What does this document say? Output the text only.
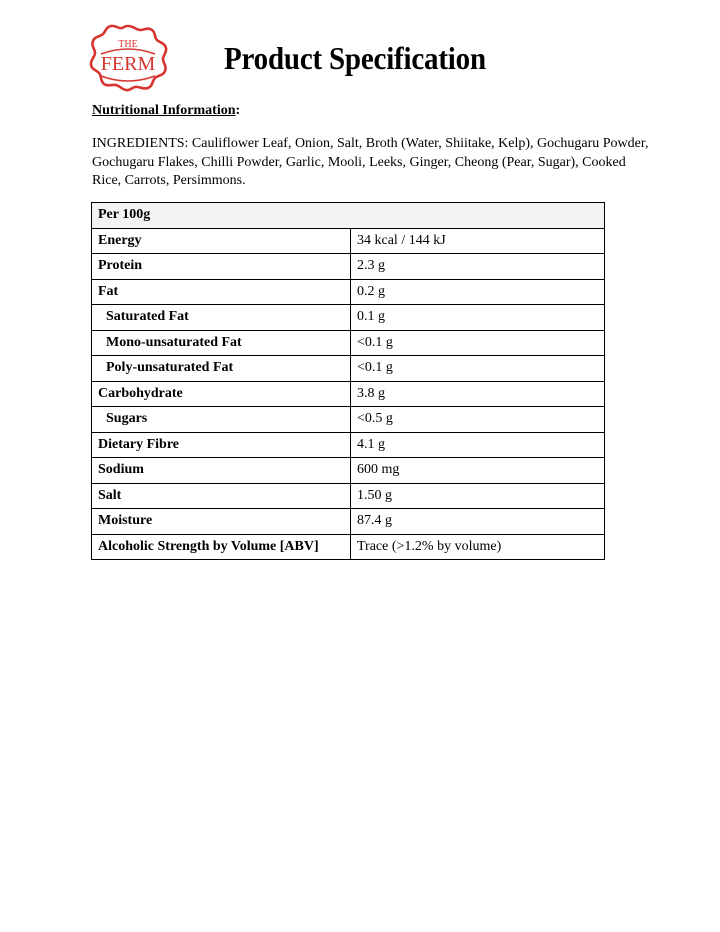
THE
FERM Product Specification

Nutritional Information:

INGREDIENTS: Cauliflower Leaf, Onion, Salt, Broth (Water, Shiitake, Kelp), Gochugaru Powder, Gochugaru Flakes, Chilli Powder, Garlic, Mooli, Leeks, Ginger, Cheong (Pear, Sugar), Cooked Rice, Carrots, Persimmons.

Per 100g	
Energy	34 kcal / 144 kJ
Protein	2.3 g
Fat	0.2 g
Saturated Fat	0.1 g
Mono-unsaturated Fat	<0.1 g
Poly-unsaturated Fat	<0.1 g
Carbohydrate	3.8 g
Sugars	<0.5 g
Dietary Fibre	4.1 g
Sodium	600 mg
Salt	1.50 g
Moisture	87.4 g
Alcoholic Strength by Volume [ABV]	Trace (>1.2% by volume)
